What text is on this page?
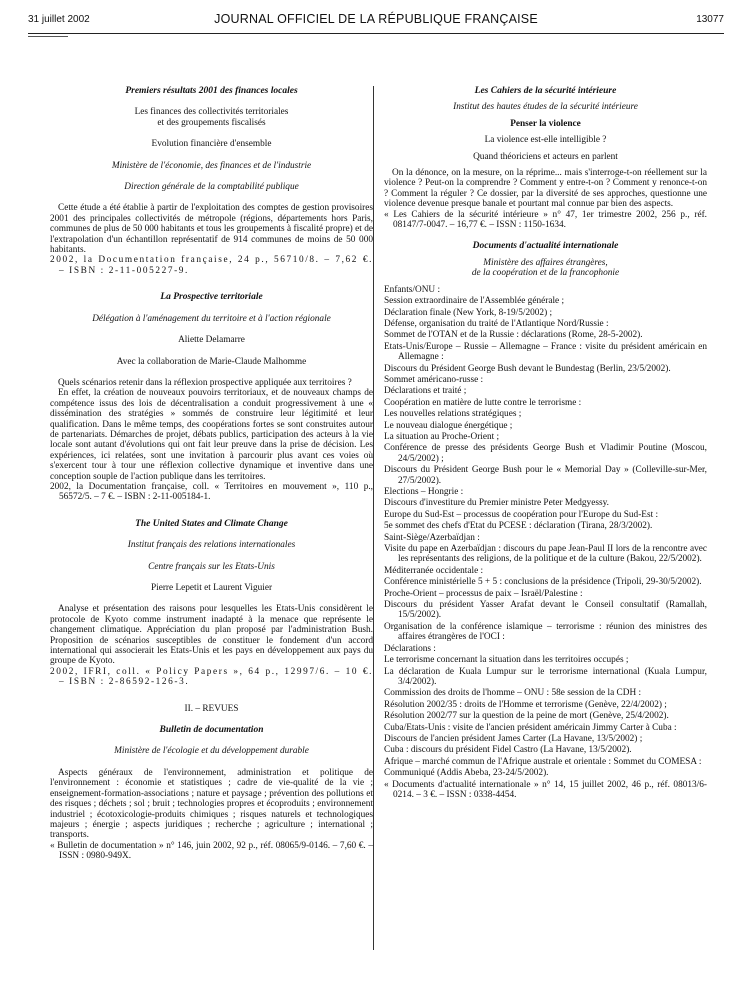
31 juillet 2002	JOURNAL OFFICIEL DE LA RÉPUBLIQUE FRANÇAISE	13077

Premiers résultats 2001 des finances locales

Les finances des collectivités territoriales

et des groupements fiscalisés

Evolution financière d'ensemble

Ministère de l'économie, des finances et de l'industrie

Direction générale de la comptabilité publique

Cette étude a été établie à partir de l'exploitation des comptes de gestion provisoires 2001 des principales collectivités de métropole (régions, départements hors Paris, communes de plus de 50 000 habitants et tous les groupements à fiscalité propre) et de l'extrapolation d'un échantillon représentatif de 914 communes de moins de 50 000 habitants.

2002, la Documentation française, 24 p., 56710/8. – 7,62 €. – ISBN : 2-11-005227-9.

La Prospective territoriale

Délégation à l'aménagement du territoire et à l'action régionale

Aliette Delamarre

Avec la collaboration de Marie-Claude Malhomme

Quels scénarios retenir dans la réflexion prospective appliquée aux territoires ?

En effet, la création de nouveaux pouvoirs territoriaux, et de nouveaux champs de compétence issus des lois de décentralisation a conduit progressivement à une « dissémination des stratégies » sommés de construire leur légitimité et leur qualification. Dans le même temps, des coopérations fortes se sont construites autour de partenariats. Démarches de projet, débats publics, participation des acteurs à la vie locale sont autant d'évolutions qui ont fait leur preuve dans la prise de décision. Les expériences, ici relatées, sont une invitation à parcourir plus avant ces voies où s'exercent tour à tour une réflexion collective dynamique et inventive dans une conception souple de l'action publique dans les territoires.

2002, la Documentation française, coll. « Territoires en mouvement », 110 p., 56572/5. – 7 €. – ISBN : 2-11-005184-1.

The United States and Climate Change

Institut français des relations internationales

Centre français sur les Etats-Unis

Pierre Lepetit et Laurent Viguier

Analyse et présentation des raisons pour lesquelles les Etats-Unis considèrent le protocole de Kyoto comme instrument inadapté à la menace que représente le changement climatique. Appréciation du plan proposé par l'administration Bush. Proposition de scénarios susceptibles de constituer le fondement d'un accord international qui associerait les Etats-Unis et les pays en développement aux pays du groupe de Kyoto.

2002, IFRI, coll. « Policy Papers », 64 p., 12997/6. – 10 €. – ISBN : 2-86592-126-3.

II. – REVUES

Bulletin de documentation

Ministère de l'écologie et du développement durable

Aspects généraux de l'environnement, administration et politique de l'environnement : économie et statistiques ; cadre de vie-qualité de la vie ; enseignement-formation-associations ; nature et paysage ; prévention des pollutions et des risques ; déchets ; sol ; bruit ; technologies propres et écoproduits ; environnement industriel ; écotoxicologie-produits chimiques ; risques naturels et technologiques majeurs ; énergie ; aspects juridiques ; recherche ; agriculture ; international ; transports.

« Bulletin de documentation » n° 146, juin 2002, 92 p., réf. 08065/9-0146. – 7,60 €. – ISSN : 0980-949X.

Les Cahiers de la sécurité intérieure

Institut des hautes études de la sécurité intérieure

Penser la violence

La violence est-elle intelligible ?

Quand théoriciens et acteurs en parlent

On la dénonce, on la mesure, on la réprime... mais s'interroge-t-on réellement sur la violence ? Peut-on la comprendre ? Comment y entre-t-on ? Comment y renonce-t-on ? Comment la réguler ? Ce dossier, par la diversité de ses approches, questionne une violence devenue presque banale et pourtant mal connue par bien des aspects.

« Les Cahiers de la sécurité intérieure » n° 47, 1er trimestre 2002, 256 p., réf. 08147/7-0047. – 16,77 €. – ISSN : 1150-1634.

Documents d'actualité internationale

Ministère des affaires étrangères,

de la coopération et de la francophonie

Enfants/ONU :
Session extraordinaire de l'Assemblée générale ;
Déclaration finale (New York, 8-19/5/2002) ;
Défense, organisation du traité de l'Atlantique Nord/Russie :
Sommet de l'OTAN et de la Russie : déclarations (Rome, 28-5-2002).
Etats-Unis/Europe – Russie – Allemagne – France : visite du président américain en Allemagne :
Discours du Président George Bush devant le Bundestag (Berlin, 23/5/2002).
Sommet américano-russe :
Déclarations et traité ;
Coopération en matière de lutte contre le terrorisme :
Les nouvelles relations stratégiques ;
Le nouveau dialogue énergétique ;
La situation au Proche-Orient ;
Conférence de presse des présidents George Bush et Vladimir Poutine (Moscou, 24/5/2002) ;
Discours du Président George Bush pour le « Memorial Day » (Colleville-sur-Mer, 27/5/2002).
Elections – Hongrie :
Discours d'investiture du Premier ministre Peter Medgyessy.
Europe du Sud-Est – processus de coopération pour l'Europe du Sud-Est :
5e sommet des chefs d'Etat du PCESE : déclaration (Tirana, 28/3/2002).
Saint-Siège/Azerbaïdjan :
Visite du pape en Azerbaïdjan : discours du pape Jean-Paul II lors de la rencontre avec les représentants des religions, de la politique et de la culture (Bakou, 22/5/2002).
Méditerranée occidentale :
Conférence ministérielle 5 + 5 : conclusions de la présidence (Tripoli, 29-30/5/2002).
Proche-Orient – processus de paix – Israël/Palestine :
Discours du président Yasser Arafat devant le Conseil consultatif (Ramallah, 15/5/2002).
Organisation de la conférence islamique – terrorisme : réunion des ministres des affaires étrangères de l'OCI :
Déclarations :
Le terrorisme concernant la situation dans les territoires occupés ;
La déclaration de Kuala Lumpur sur le terrorisme international (Kuala Lumpur, 3/4/2002).
Commission des droits de l'homme – ONU : 58e session de la CDH :
Résolution 2002/35 : droits de l'Homme et terrorisme (Genève, 22/4/2002) ;
Résolution 2002/77 sur la question de la peine de mort (Genève, 25/4/2002).
Cuba/Etats-Unis : visite de l'ancien président américain Jimmy Carter à Cuba :
Discours de l'ancien président James Carter (La Havane, 13/5/2002) ;
Cuba : discours du président Fidel Castro (La Havane, 13/5/2002).
Afrique – marché commun de l'Afrique australe et orientale : Sommet du COMESA :
Communiqué (Addis Abeba, 23-24/5/2002).

« Documents d'actualité internationale » n° 14, 15 juillet 2002, 46 p., réf. 08013/6-0214. – 3 €. – ISSN : 0338-4454.
